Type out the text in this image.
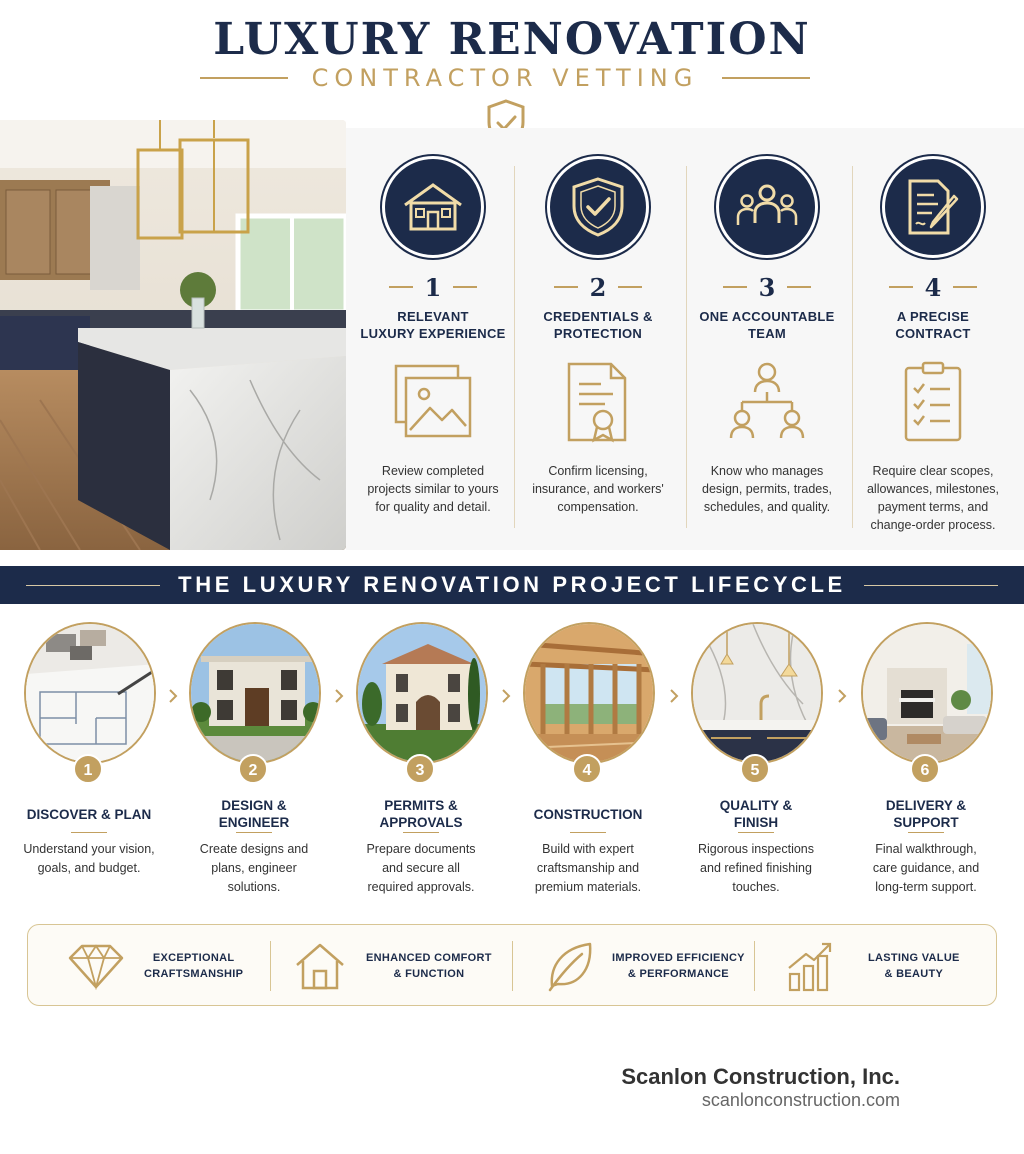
LUXURY RENOVATION
CONTRACTOR VETTING
1
RELEVANT
LUXURY EXPERIENCE
Review completed
projects similar to yours
for quality and detail.
2
CREDENTIALS &
PROTECTION
Confirm licensing,
insurance, and workers'
compensation.
3
ONE ACCOUNTABLE
TEAM
Know who manages
design, permits, trades,
schedules, and quality.
4
A PRECISE
CONTRACT
Require clear scopes,
allowances, milestones,
payment terms, and
change-order process.
THE LUXURY RENOVATION PROJECT LIFECYCLE
1
DISCOVER & PLAN
Understand your vision,
goals, and budget.
2
DESIGN &
ENGINEER
Create designs and
plans, engineer
solutions.
3
PERMITS &
APPROVALS
Prepare documents
and secure all
required approvals.
4
CONSTRUCTION
Build with expert
craftsmanship and
premium materials.
5
QUALITY &
FINISH
Rigorous inspections
and refined finishing
touches.
6
DELIVERY &
SUPPORT
Final walkthrough,
care guidance, and
long-term support.
EXCEPTIONAL
CRAFTSMANSHIP
ENHANCED COMFORT
& FUNCTION
IMPROVED EFFICIENCY
& PERFORMANCE
LASTING VALUE
& BEAUTY
Scanlon Construction, Inc.
scanlonconstruction.com
